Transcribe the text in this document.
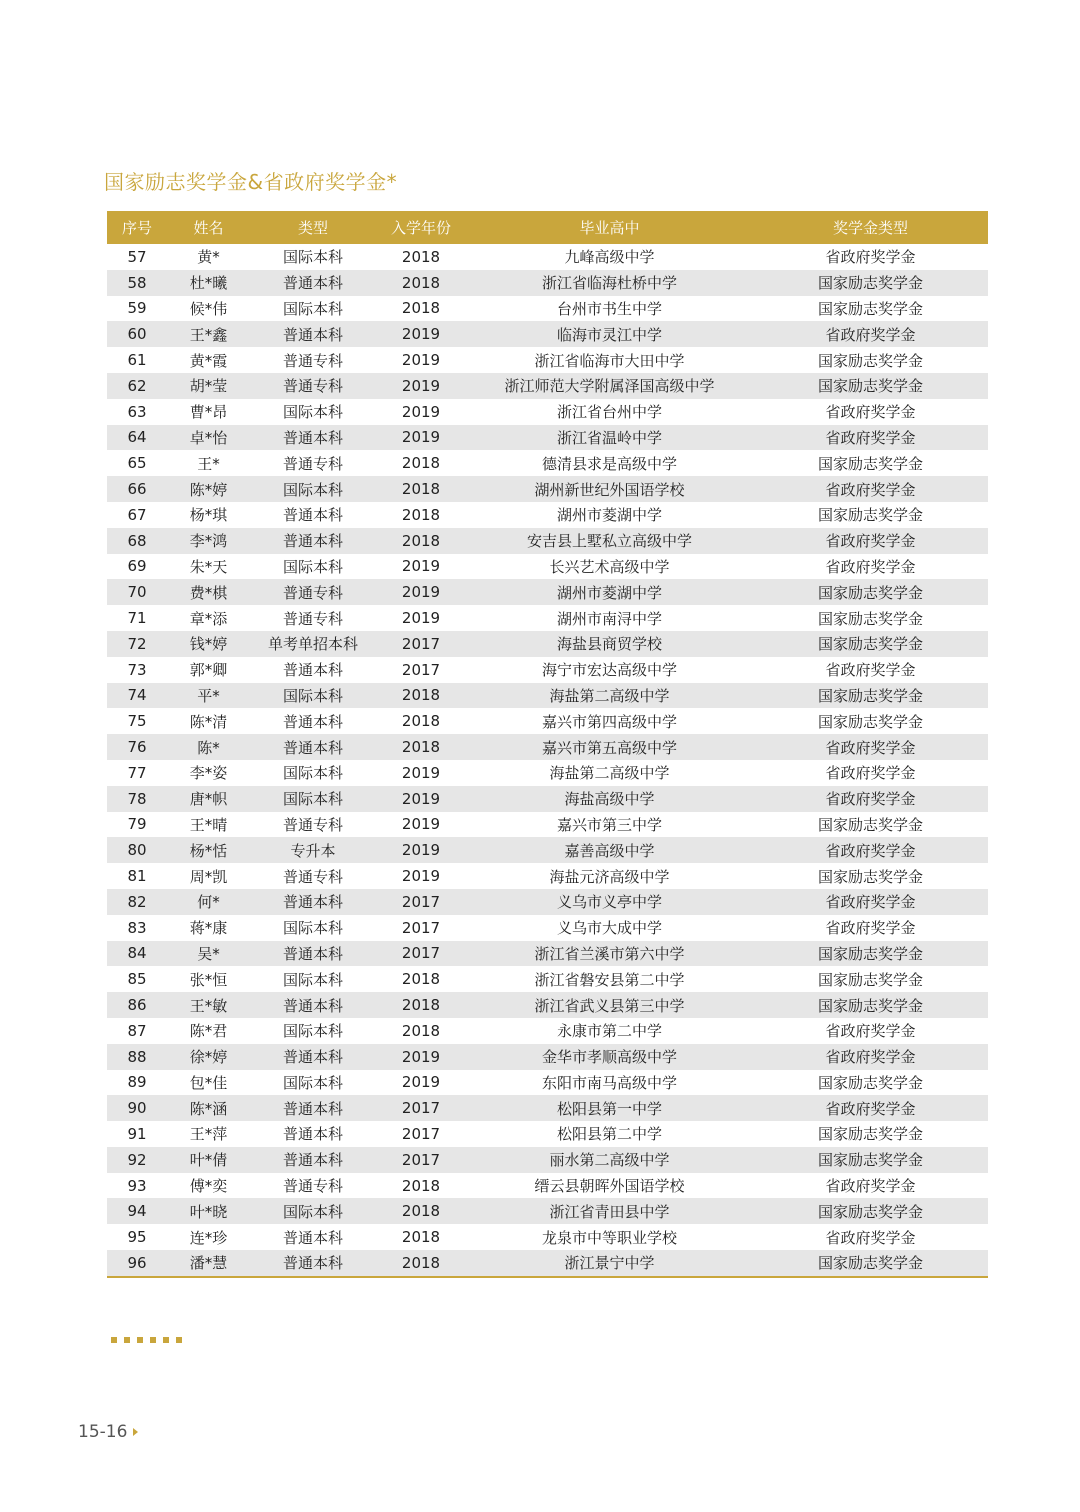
国家励志奖学金&省政府奖学金*
序号	姓名	类型	入学年份	毕业高中	奖学金类型
57	黄*	国际本科	2018	九峰高级中学	省政府奖学金
58	杜*曦	普通本科	2018	浙江省临海杜桥中学	国家励志奖学金
59	候*伟	国际本科	2018	台州市书生中学	国家励志奖学金
60	王*鑫	普通本科	2019	临海市灵江中学	省政府奖学金
61	黄*霞	普通专科	2019	浙江省临海市大田中学	国家励志奖学金
62	胡*莹	普通专科	2019	浙江师范大学附属泽国高级中学	国家励志奖学金
63	曹*昂	国际本科	2019	浙江省台州中学	省政府奖学金
64	卓*怡	普通本科	2019	浙江省温岭中学	省政府奖学金
65	王*	普通专科	2018	德清县求是高级中学	国家励志奖学金
66	陈*婷	国际本科	2018	湖州新世纪外国语学校	省政府奖学金
67	杨*琪	普通本科	2018	湖州市菱湖中学	国家励志奖学金
68	李*鸿	普通本科	2018	安吉县上墅私立高级中学	省政府奖学金
69	朱*天	国际本科	2019	长兴艺术高级中学	省政府奖学金
70	费*棋	普通专科	2019	湖州市菱湖中学	国家励志奖学金
71	章*添	普通专科	2019	湖州市南浔中学	国家励志奖学金
72	钱*婷	单考单招本科	2017	海盐县商贸学校	国家励志奖学金
73	郭*卿	普通本科	2017	海宁市宏达高级中学	省政府奖学金
74	平*	国际本科	2018	海盐第二高级中学	国家励志奖学金
75	陈*清	普通本科	2018	嘉兴市第四高级中学	国家励志奖学金
76	陈*	普通本科	2018	嘉兴市第五高级中学	省政府奖学金
77	李*姿	国际本科	2019	海盐第二高级中学	省政府奖学金
78	唐*帜	国际本科	2019	海盐高级中学	省政府奖学金
79	王*晴	普通专科	2019	嘉兴市第三中学	国家励志奖学金
80	杨*恬	专升本	2019	嘉善高级中学	省政府奖学金
81	周*凯	普通专科	2019	海盐元济高级中学	国家励志奖学金
82	何*	普通本科	2017	义乌市义亭中学	省政府奖学金
83	蒋*康	国际本科	2017	义乌市大成中学	省政府奖学金
84	吴*	普通本科	2017	浙江省兰溪市第六中学	国家励志奖学金
85	张*恒	国际本科	2018	浙江省磐安县第二中学	国家励志奖学金
86	王*敏	普通本科	2018	浙江省武义县第三中学	国家励志奖学金
87	陈*君	国际本科	2018	永康市第二中学	省政府奖学金
88	徐*婷	普通本科	2019	金华市孝顺高级中学	省政府奖学金
89	包*佳	国际本科	2019	东阳市南马高级中学	国家励志奖学金
90	陈*涵	普通本科	2017	松阳县第一中学	省政府奖学金
91	王*萍	普通本科	2017	松阳县第二中学	国家励志奖学金
92	叶*倩	普通本科	2017	丽水第二高级中学	国家励志奖学金
93	傅*奕	普通专科	2018	缙云县朝晖外国语学校	省政府奖学金
94	叶*晓	国际本科	2018	浙江省青田县中学	国家励志奖学金
95	连*珍	普通本科	2018	龙泉市中等职业学校	省政府奖学金
96	潘*慧	普通本科	2018	浙江景宁中学	国家励志奖学金
15-16
